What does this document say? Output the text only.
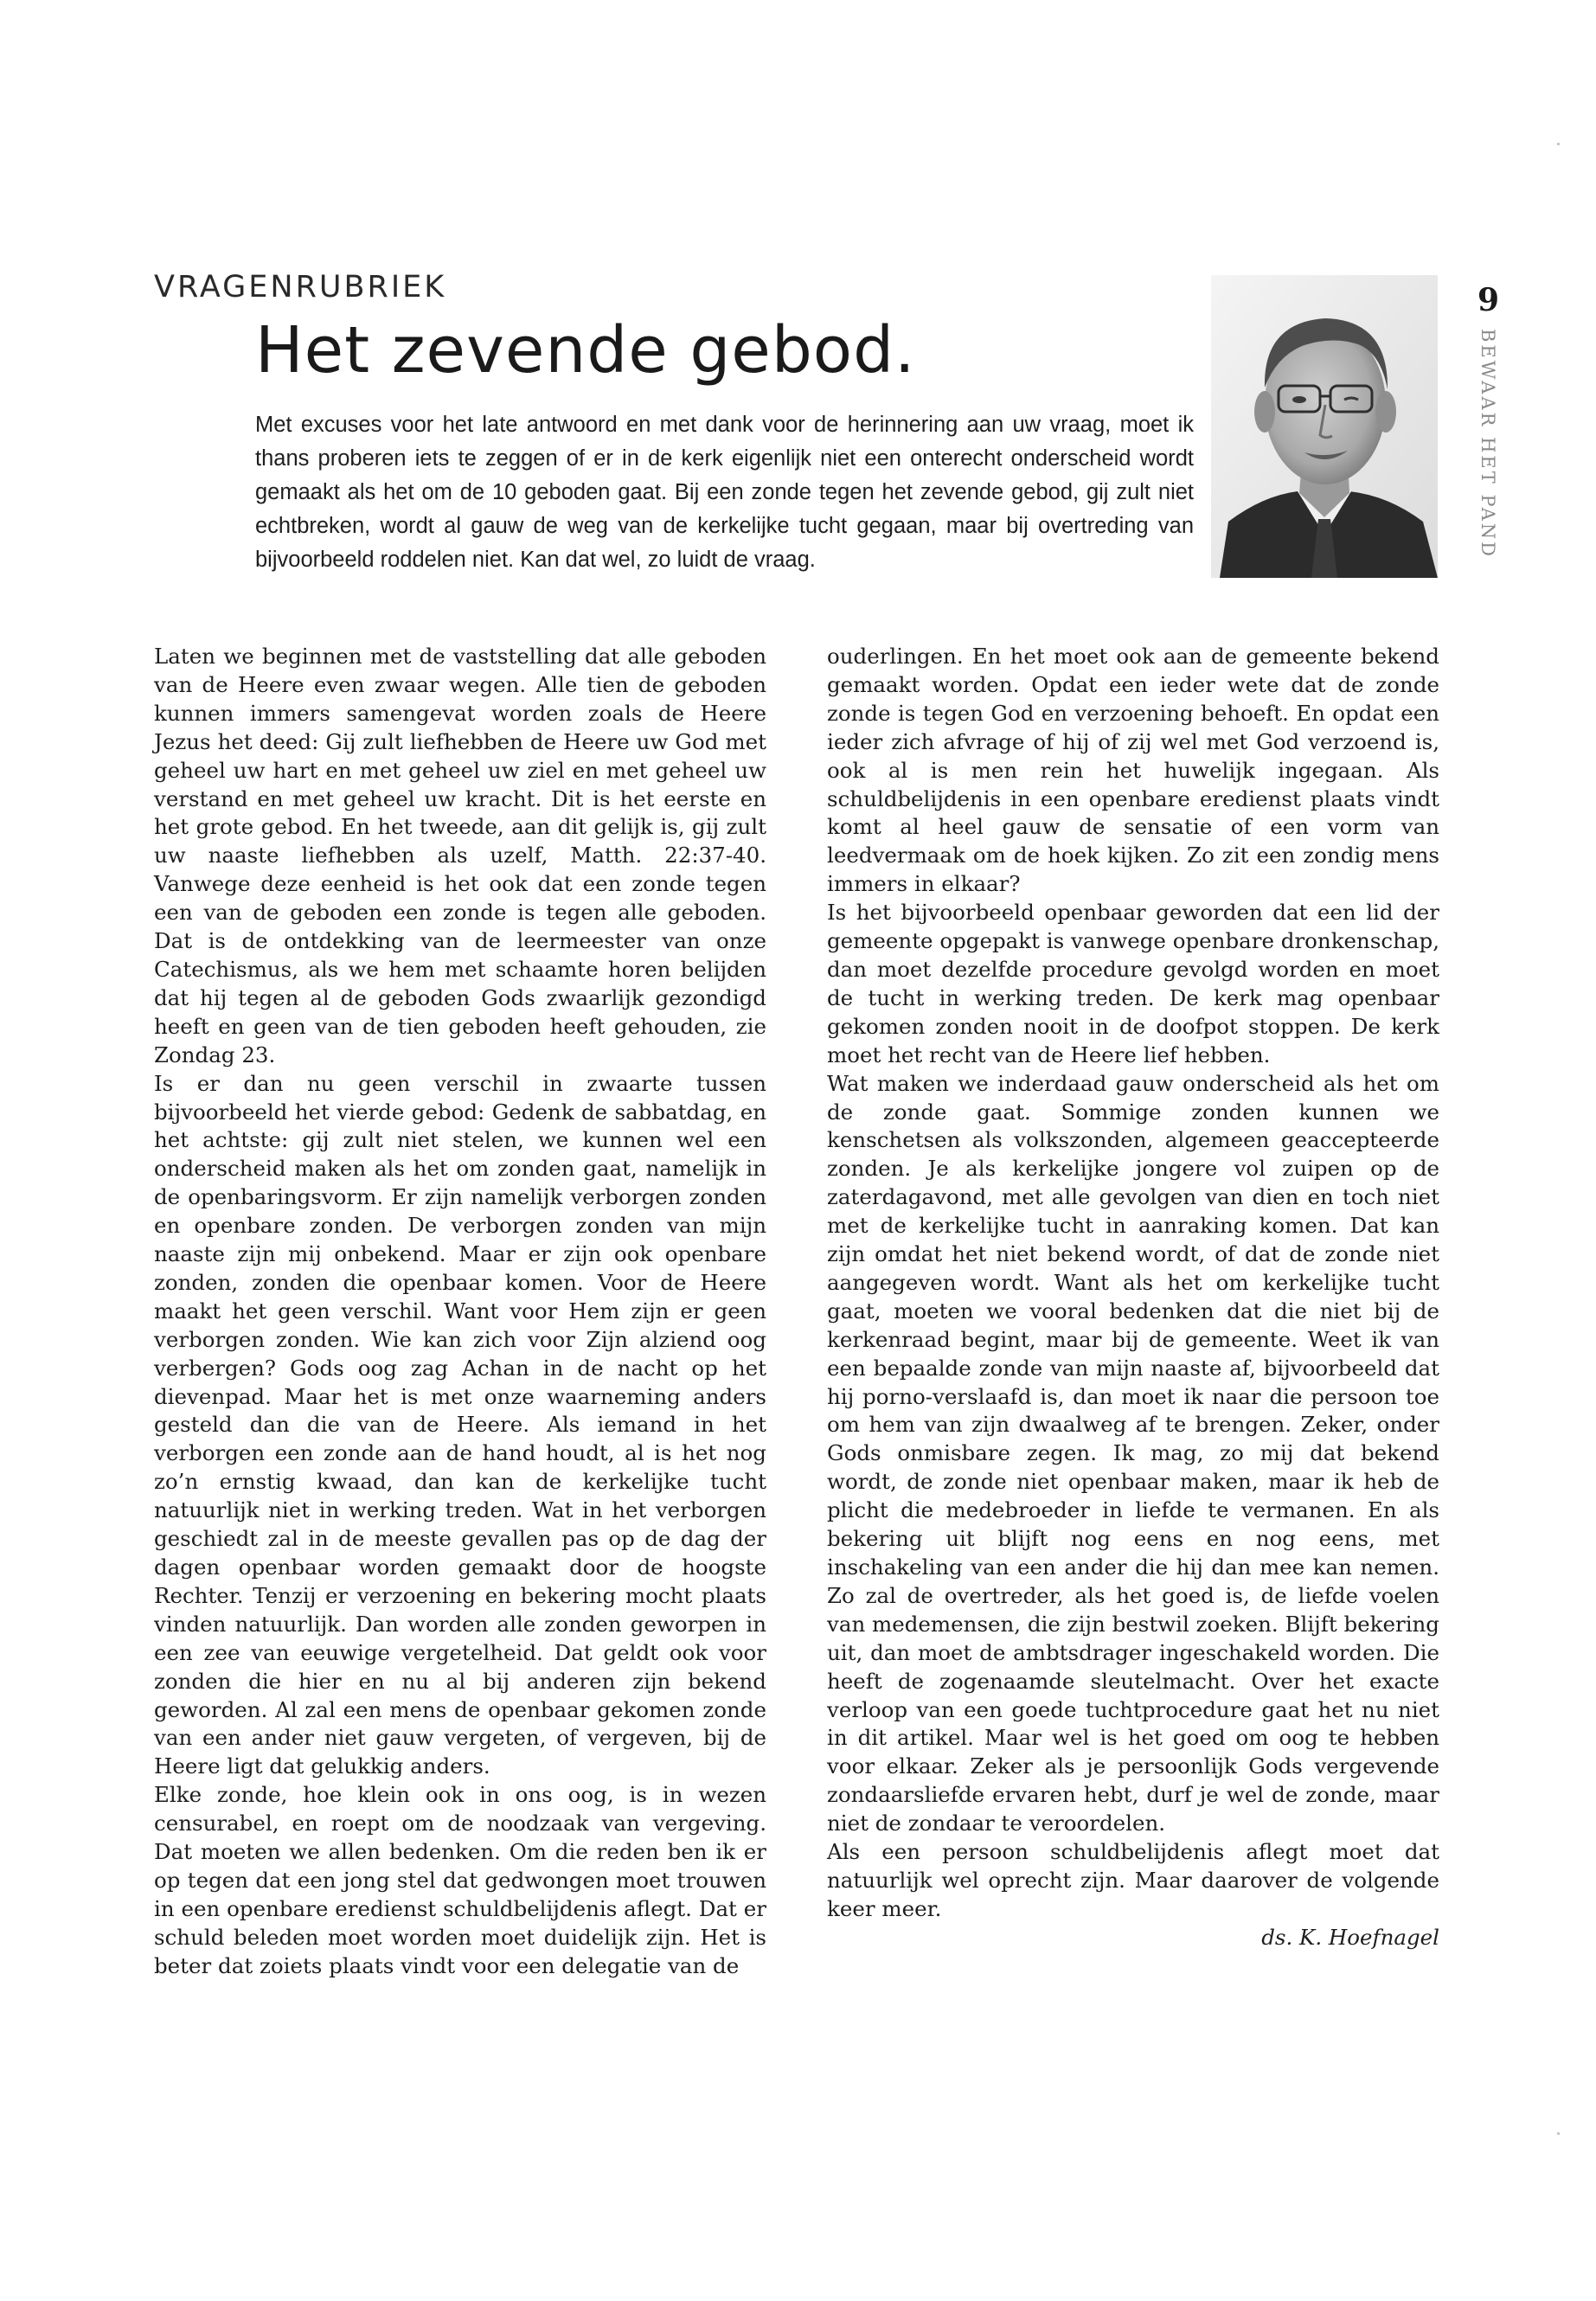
VRAGENRUBRIEK
Het zevende gebod.

Met excuses voor het late antwoord en met dank voor de herinnering aan uw vraag, moet ik thans proberen iets te zeggen of er in de kerk eigenlijk niet een onterecht onderscheid wordt gemaakt als het om de 10 geboden gaat. Bij een zonde tegen het zevende gebod, gij zult niet echtbreken, wordt al gauw de weg van de kerkelijke tucht gegaan, maar bij overtreding van bijvoorbeeld roddelen niet. Kan dat wel, zo luidt de vraag.

9
BEWAAR HET PAND

Laten we beginnen met de vaststelling dat alle geboden van de Heere even zwaar wegen. Alle tien de geboden kunnen immers samengevat worden zoals de Heere Jezus het deed: Gij zult liefhebben de Heere uw God met geheel uw hart en met geheel uw ziel en met geheel uw verstand en met geheel uw kracht. Dit is het eerste en het grote gebod. En het tweede, aan dit gelijk is, gij zult uw naaste liefhebben als uzelf, Matth. 22:37-40. Vanwege deze eenheid is het ook dat een zonde tegen een van de geboden een zonde is tegen alle geboden. Dat is de ontdekking van de leermeester van onze Catechismus, als we hem met schaamte horen belijden dat hij tegen al de geboden Gods zwaarlijk gezondigd heeft en geen van de tien geboden heeft gehouden, zie Zondag 23.

Is er dan nu geen verschil in zwaarte tussen bijvoorbeeld het vierde gebod: Gedenk de sabbatdag, en het achtste: gij zult niet stelen, we kunnen wel een onderscheid maken als het om zonden gaat, namelijk in de openbaringsvorm. Er zijn namelijk verborgen zonden en openbare zonden. De verborgen zonden van mijn naaste zijn mij onbekend. Maar er zijn ook openbare zonden, zonden die openbaar komen. Voor de Heere maakt het geen verschil. Want voor Hem zijn er geen verborgen zonden. Wie kan zich voor Zijn alziend oog verbergen? Gods oog zag Achan in de nacht op het dievenpad. Maar het is met onze waarneming anders gesteld dan die van de Heere. Als iemand in het verborgen een zonde aan de hand houdt, al is het nog zo’n ernstig kwaad, dan kan de kerkelijke tucht natuurlijk niet in werking treden. Wat in het verborgen geschiedt zal in de meeste gevallen pas op de dag der dagen openbaar worden gemaakt door de hoogste Rechter. Tenzij er verzoening en bekering mocht plaats vinden natuurlijk. Dan worden alle zonden geworpen in een zee van eeuwige vergetelheid. Dat geldt ook voor zonden die hier en nu al bij anderen zijn bekend geworden. Al zal een mens de openbaar gekomen zonde van een ander niet gauw vergeten, of vergeven, bij de Heere ligt dat gelukkig anders.

Elke zonde, hoe klein ook in ons oog, is in wezen censurabel, en roept om de noodzaak van vergeving. Dat moeten we allen bedenken. Om die reden ben ik er op tegen dat een jong stel dat gedwongen moet trouwen in een openbare eredienst schuldbelijdenis aflegt. Dat er schuld beleden moet worden moet duidelijk zijn. Het is beter dat zoiets plaats vindt voor een delegatie van de

ouderlingen. En het moet ook aan de gemeente bekend gemaakt worden. Opdat een ieder wete dat de zonde zonde is tegen God en verzoening behoeft. En opdat een ieder zich afvrage of hij of zij wel met God verzoend is, ook al is men rein het huwelijk ingegaan. Als schuldbelijdenis in een openbare eredienst plaats vindt komt al heel gauw de sensatie of een vorm van leedvermaak om de hoek kijken. Zo zit een zondig mens immers in elkaar?

Is het bijvoorbeeld openbaar geworden dat een lid der gemeente opgepakt is vanwege openbare dronkenschap, dan moet dezelfde procedure gevolgd worden en moet de tucht in werking treden. De kerk mag openbaar gekomen zonden nooit in de doofpot stoppen. De kerk moet het recht van de Heere lief hebben.

Wat maken we inderdaad gauw onderscheid als het om de zonde gaat. Sommige zonden kunnen we kenschetsen als volkszonden, algemeen geaccepteerde zonden. Je als kerkelijke jongere vol zuipen op de zaterdagavond, met alle gevolgen van dien en toch niet met de kerkelijke tucht in aanraking komen. Dat kan zijn omdat het niet bekend wordt, of dat de zonde niet aangegeven wordt. Want als het om kerkelijke tucht gaat, moeten we vooral bedenken dat die niet bij de kerkenraad begint, maar bij de gemeente. Weet ik van een bepaalde zonde van mijn naaste af, bijvoorbeeld dat hij porno-verslaafd is, dan moet ik naar die persoon toe om hem van zijn dwaalweg af te brengen. Zeker, onder Gods onmisbare zegen. Ik mag, zo mij dat bekend wordt, de zonde niet openbaar maken, maar ik heb de plicht die medebroeder in liefde te vermanen. En als bekering uit blijft nog eens en nog eens, met inschakeling van een ander die hij dan mee kan nemen. Zo zal de overtreder, als het goed is, de liefde voelen van medemensen, die zijn bestwil zoeken. Blijft bekering uit, dan moet de ambtsdrager ingeschakeld worden. Die heeft de zogenaamde sleutelmacht. Over het exacte verloop van een goede tuchtprocedure gaat het nu niet in dit artikel. Maar wel is het goed om oog te hebben voor elkaar. Zeker als je persoonlijk Gods vergevende zondaarsliefde ervaren hebt, durf je wel de zonde, maar niet de zondaar te veroordelen.

Als een persoon schuldbelijdenis aflegt moet dat natuurlijk wel oprecht zijn. Maar daarover de volgende keer meer.

ds. K. Hoefnagel
